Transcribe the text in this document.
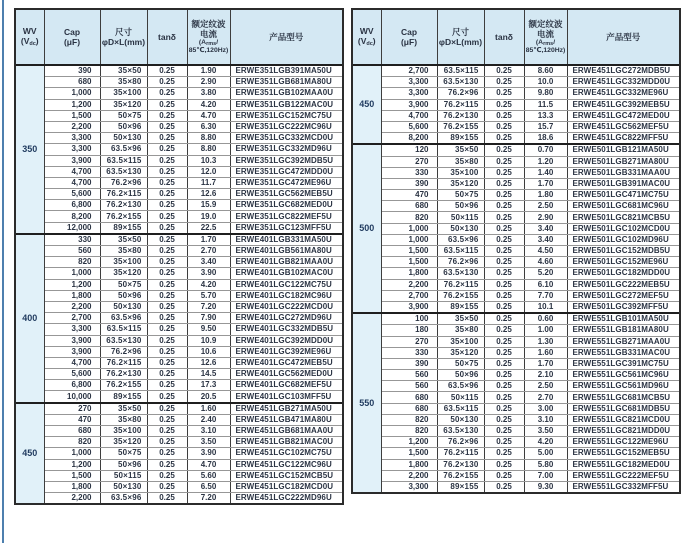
WV
$(V_{dc})$

Cap
(μF)

尺寸
φD×L(mm)
	tanδ	
额定纹波
电流
($A_{rms}/$
85℃,120Hz)
	产品型号
350	390	35×50	0.25	1.90	ERWE351LGB391MA50U
	680	35×80	0.25	2.90	ERWE351LGB681MA80U
	1,000	35×100	0.25	3.80	ERWE351LGB102MAA0U
	1,200	35×120	0.25	4.20	ERWE351LGB122MAC0U
	1,500	50×75	0.25	4.70	ERWE351LGC152MC75U
	2,200	50×96	0.25	6.30	ERWE351LGC222MC96U
	3,300	50×130	0.25	8.80	ERWE351LGC332MCD0U
	3,300	63.5×96	0.25	8.80	ERWE351LGC332MD96U
	3,900	63.5×115	0.25	10.3	ERWE351LGC392MDB5U
	4,700	63.5×130	0.25	12.0	ERWE351LGC472MDD0U
	4,700	76.2×96	0.25	11.7	ERWE351LGC472ME96U
	5,600	76.2×115	0.25	12.6	ERWE351LGC562MEB5U
	6,800	76.2×130	0.25	15.9	ERWE351LGC682MED0U
	8,200	76.2×155	0.25	19.0	ERWE351LGC822MEF5U
	12,000	89×155	0.25	22.5	ERWE351LGC123MFF5U
400	330	35×50	0.25	1.70	ERWE401LGB331MA50U
	560	35×80	0.25	2.70	ERWE401LGB561MA80U
	820	35×100	0.25	3.40	ERWE401LGB821MAA0U
	1,000	35×120	0.25	3.90	ERWE401LGB102MAC0U
	1,200	50×75	0.25	4.20	ERWE401LGC122MC75U
	1,800	50×96	0.25	5.70	ERWE401LGC182MC96U
	2,200	50×130	0.25	7.20	ERWE401LGC222MCD0U
	2,700	63.5×96	0.25	7.90	ERWE401LGC272MD96U
	3,300	63.5×115	0.25	9.50	ERWE401LGC332MDB5U
	3,900	63.5×130	0.25	10.9	ERWE401LGC392MDD0U
	3,900	76.2×96	0.25	10.6	ERWE401LGC392ME96U
	4,700	76.2×115	0.25	12.6	ERWE401LGC472MEB5U
	5,600	76.2×130	0.25	14.5	ERWE401LGC562MED0U
	6,800	76.2×155	0.25	17.3	ERWE401LGC682MEF5U
	10,000	89×155	0.25	20.5	ERWE401LGC103MFF5U
450	270	35×50	0.25	1.60	ERWE451LGB271MA50U
	470	35×80	0.25	2.40	ERWE451LGB471MA80U
	680	35×100	0.25	3.10	ERWE451LGB681MAA0U
	820	35×120	0.25	3.50	ERWE451LGB821MAC0U
	1,000	50×75	0.25	3.90	ERWE451LGC102MC75U
	1,200	50×96	0.25	4.70	ERWE451LGC122MC96U
	1,500	50×115	0.25	5.60	ERWE451LGC152MCB5U
	1,800	50×130	0.25	6.50	ERWE451LGC182MCD0U
	2,200	63.5×96	0.25	7.20	ERWE451LGC222MD96U
WV
$(V_{dc})$

Cap
(μF)

尺寸
φD×L(mm)
	tanδ	
额定纹波
电流
($A_{rms}/$
85℃,120Hz)
	产品型号
450	2,700	63.5×115	0.25	8.60	ERWE451LGC272MDB5U
	3,300	63.5×130	0.25	10.0	ERWE451LGC332MDD0U
	3,300	76.2×96	0.25	9.80	ERWE451LGC332ME96U
	3,900	76.2×115	0.25	11.5	ERWE451LGC392MEB5U
	4,700	76.2×130	0.25	13.3	ERWE451LGC472MED0U
	5,600	76.2×155	0.25	15.7	ERWE451LGC562MEF5U
	8,200	89×155	0.25	18.6	ERWE451LGC822MFF5U
500	120	35×50	0.25	0.70	ERWE501LGB121MA50U
	270	35×80	0.25	1.20	ERWE501LGB271MA80U
	330	35×100	0.25	1.40	ERWE501LGB331MAA0U
	390	35×120	0.25	1.70	ERWE501LGB391MAC0U
	470	50×75	0.25	1.80	ERWE501LGC471MC75U
	680	50×96	0.25	2.50	ERWE501LGC681MC96U
	820	50×115	0.25	2.90	ERWE501LGC821MCB5U
	1,000	50×130	0.25	3.40	ERWE501LGC102MCD0U
	1,000	63.5×96	0.25	3.40	ERWE501LGC102MD96U
	1,500	63.5×115	0.25	4.50	ERWE501LGC152MDB5U
	1,500	76.2×96	0.25	4.60	ERWE501LGC152ME96U
	1,800	63.5×130	0.25	5.20	ERWE501LGC182MDD0U
	2,200	76.2×115	0.25	6.10	ERWE501LGC222MEB5U
	2,700	76.2×155	0.25	7.70	ERWE501LGC272MEF5U
	3,900	89×155	0.25	10.1	ERWE501LGC392MFF5U
550	100	35×50	0.25	0.60	ERWE551LGB101MA50U
	180	35×80	0.25	1.00	ERWE551LGB181MA80U
	270	35×100	0.25	1.30	ERWE551LGB271MAA0U
	330	35×120	0.25	1.60	ERWE551LGB331MAC0U
	390	50×75	0.25	1.70	ERWE551LGC391MC75U
	560	50×96	0.25	2.10	ERWE551LGC561MC96U
	560	63.5×96	0.25	2.50	ERWE551LGC561MD96U
	680	50×115	0.25	2.70	ERWE551LGC681MCB5U
	680	63.5×115	0.25	3.00	ERWE551LGC681MDB5U
	820	50×130	0.25	3.10	ERWE551LGC821MCD0U
	820	63.5×130	0.25	3.50	ERWE551LGC821MDD0U
	1,200	76.2×96	0.25	4.20	ERWE551LGC122ME96U
	1,500	76.2×115	0.25	5.00	ERWE551LGC152MEB5U
	1,800	76.2×130	0.25	5.80	ERWE551LGC182MED0U
	2,200	76.2×155	0.25	7.00	ERWE551LGC222MEF5U
	3,300	89×155	0.25	9.30	ERWE551LGC332MFF5U
